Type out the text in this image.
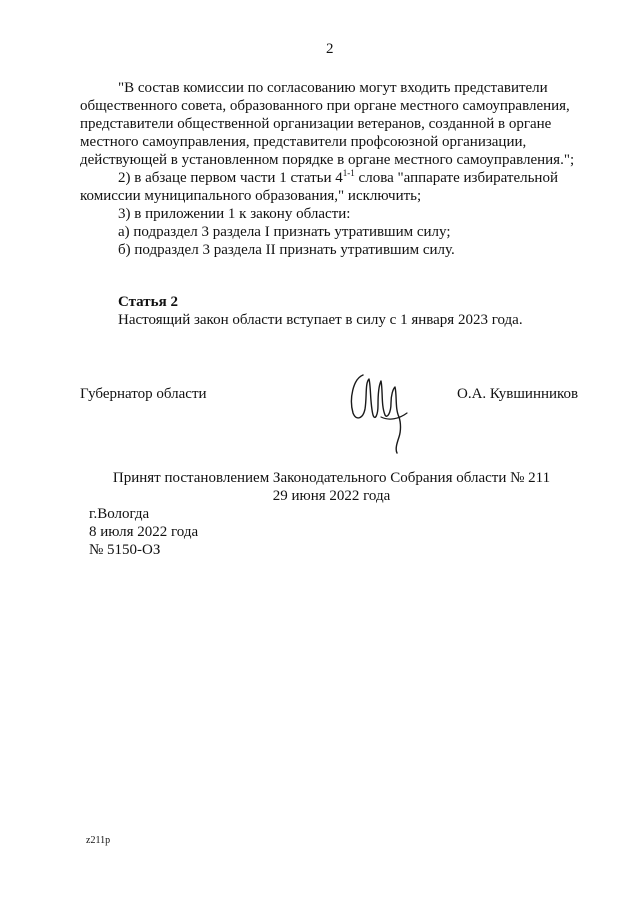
2
"В состав комиссии по согласованию могут входить представители
общественного совета, образованного при органе местного самоуправления,
представители общественной организации ветеранов, созданной в органе
местного самоуправления, представители профсоюзной организации,
действующей в установленном порядке в органе местного самоуправления.";
2) в абзаце первом части 1 статьи 4$^{1-1}$ слова "аппарате избирательной
комиссии муниципального образования," исключить;
3) в приложении 1 к закону области:
а) подраздел 3 раздела I признать утратившим силу;
б) подраздел 3 раздела II признать утратившим силу.
Статья 2
Настоящий закон области вступает в силу с 1 января 2023 года.
Губернатор области	О.А. Кувшинников
Принят постановлением Законодательного Собрания области № 211
29 июня 2022 года
г.Вологда
8 июля 2022 года
№ 5150-ОЗ
z211p
